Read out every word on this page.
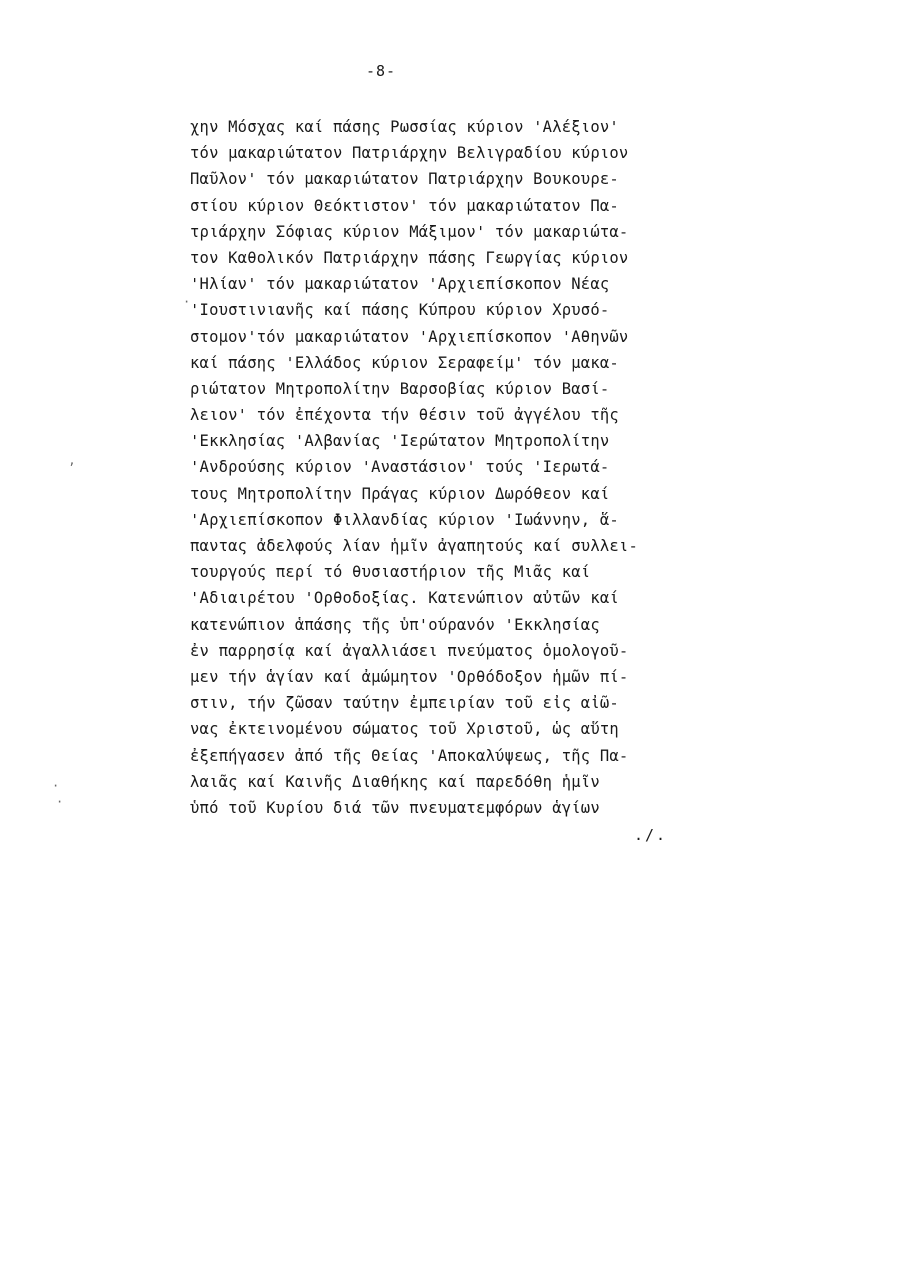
-8-
χην Μόσχας καί πάσης Ρωσσίας κύριον 'Αλέξιον'
τόν μακαριώτατον Πατριάρχην Βελιγραδίου κύριον
Παῦλον' τόν μακαριώτατον Πατριάρχην Βουκουρε-
στίου κύριον Θεόκτιστον' τόν μακαριώτατον Πα-
τριάρχην Σόφιας κύριον Μάξιμον' τόν μακαριώτα-
τον Καθολικόν Πατριάρχην πάσης Γεωργίας κύριον
'Ηλίαν' τόν μακαριώτατον 'Αρχιεπίσκοπον Νέας
'Ιουστινιανῆς καί πάσης Κύπρου κύριον Χρυσό-
στομον'τόν μακαριώτατον 'Αρχιεπίσκοπον 'Αθηνῶν
καί πάσης 'Ελλάδος κύριον Σεραφείμ' τόν μακα-
ριώτατον Μητροπολίτην Βαρσοβίας κύριον Βασί-
λειον' τόν ἐπέχοντα τήν θέσιν τοῦ ἀγγέλου τῆς
'Εκκλησίας 'Αλβανίας 'Ιερώτατον Μητροπολίτην
'Ανδρούσης κύριον 'Αναστάσιον' τούς 'Ιερωτά-
τους Μητροπολίτην Πράγας κύριον Δωρόθεον καί
'Αρχιεπίσκοπον Φιλλανδίας κύριον 'Ιωάννην, ἅ-
παντας ἀδελφούς λίαν ἡμῖν ἀγαπητούς καί συλλει-
τουργούς περί τό θυσιαστήριον τῆς Μιᾶς καί
'Αδιαιρέτου 'Ορθοδοξίας. Κατενώπιον αὐτῶν καί
κατενώπιον ἁπάσης τῆς ὑπ'ούρανόν 'Εκκλησίας
ἐν παρρησίᾳ καί ἀγαλλιάσει πνεύματος ὁμολογοῦ-
μεν τήν ἁγίαν καί ἀμώμητον 'Ορθόδοξον ἡμῶν πί-
στιν, τήν ζῶσαν ταύτην ἐμπειρίαν τοῦ εἰς αἰῶ-
νας ἐκτεινομένου σώματος τοῦ Χριστοῦ, ὡς αὕτη
ἐξεπήγασεν ἀπό τῆς Θείας 'Αποκαλύψεως, τῆς Πα-
λαιᾶς καί Καινῆς Διαθήκης καί παρεδόθη ἡμῖν
ὑπό τοῦ Κυρίου διά τῶν πνευματεμφόρων ἁγίων
./.
·
ʼ
·
·
